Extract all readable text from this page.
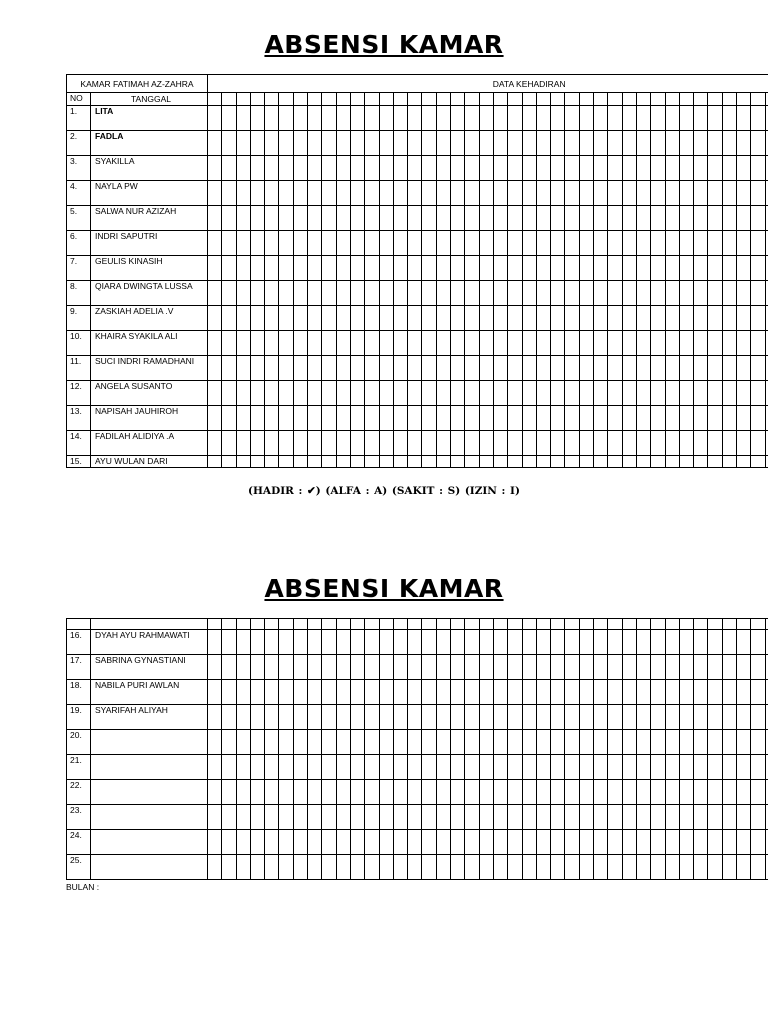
ABSENSI KAMAR
KAMAR FATIMAH AZ-ZAHRA		DATA KEHADIRAN																																												
NO	TANGGAL																																													
1.	LITA																																													
2.	FADLA																																													
3.	SYAKILLA																																													
4.	NAYLA PW																																													
5.	SALWA NUR AZIZAH																																													
6.	INDRI SAPUTRI																																													
7.	GEULIS KINASIH																																													
8.	QIARA DWINGTA LUSSA																																													
9.	ZASKIAH ADELIA .V																																													
10.	KHAIRA SYAKILA ALI																																													
11.	SUCI INDRI RAMADHANI																																													
12.	ANGELA SUSANTO																																													
13.	NAPISAH JAUHIROH																																													
14.	FADILAH ALIDIYA .A																																													
15.	AYU WULAN DARI																																													
(HADIR : ✔) (ALFA : A) (SAKIT : S) (IZIN : I)
ABSENSI KAMAR

16.	DYAH AYU RAHMAWATI																																													
17.	SABRINA GYNASTIANI																																													
18.	NABILA PURI AWLAN																																													
19.	SYARIFAH ALIYAH																																													
20.																																														
21.																																														
22.																																														
23.																																														
24.																																														
25.																																														
BULAN :
